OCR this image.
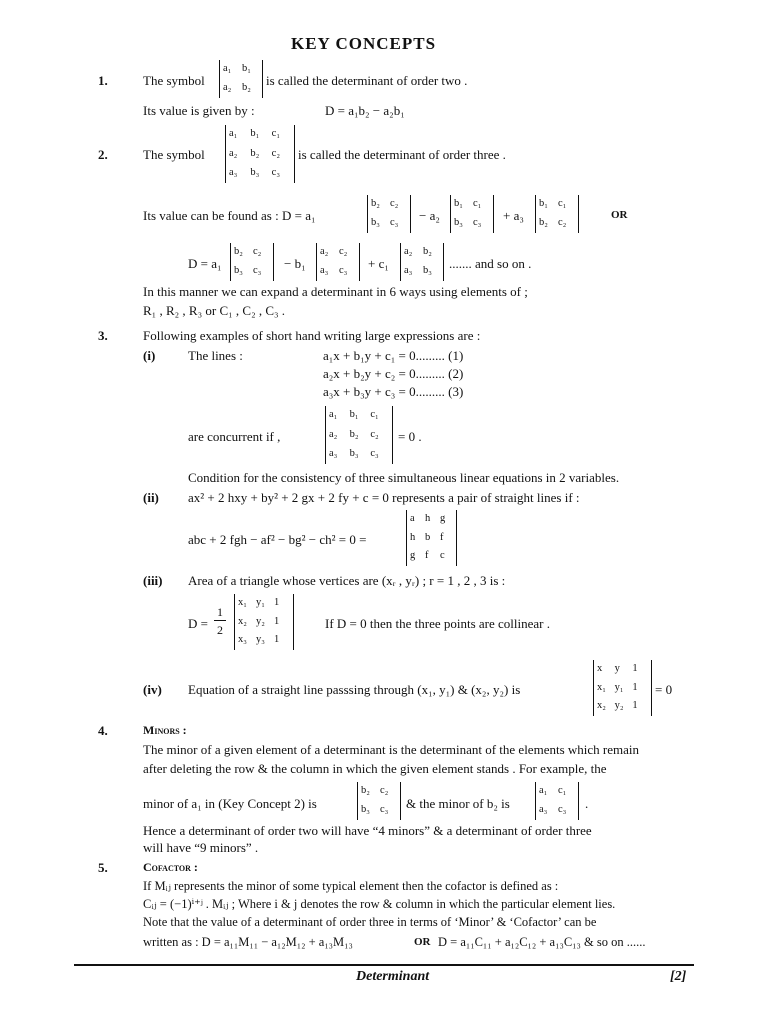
KEY CONCEPTS
1.	The symbol
a₁ b₁
a₂ b₂ is called the determinant of order two .
Its value is given by :	D = a₁b₂ − a₂b₁
2.	The symbol
a₁ b₁ c₁
a₂ b₂ c₂
a₃ b₃ c₃
is called the determinant of order three .
Its value can be found as : D = a₁
b₂ c₂
b₃ c₃ − a₂
b₁ c₁
b₃ c₃ + a₃
b₁ c₁
b₂ c₂
OR
D = a₁
b₂ c₂
b₃ c₃ − b₁
a₂ c₂
a₃ c₃ + c₁
a₂ b₂
a₃ b₃ ....... and so on .
In this manner we can expand a determinant in 6 ways using elements of ;
R₁ , R₂ , R₃ or C₁ , C₂ , C₃ .
3.	Following examples of short hand writing large expressions are :
(i)	The lines :	a₁x + b₁y + c₁ = 0......... (1)
a₂x + b₂y + c₂ = 0......... (2)
a₃x + b₃y + c₃ = 0......... (3)
are concurrent if ,
a₁ b₁ c₁
a₂ b₂ c₂
a₃ b₃ c₃
= 0 .
Condition for the consistency of three simultaneous linear equations in 2 variables.
(ii) ax² + 2 hxy + by² + 2 gx + 2 fy + c = 0 represents a pair of straight lines if :
abc + 2 fgh − af² − bg² − ch² = 0 =
a h g
h b f
g f c
(iii) Area of a triangle whose vertices are (xᵣ , yᵣ) ; r = 1 , 2 , 3 is :
D =
1
2
x₁ y₁ 1
x₂ y₂ 1
x₃ y₃ 1
If D = 0 then the three points are collinear .
(iv) Equation of a straight line passsing through (x₁, y₁) & (x₂, y₂) is
x y 1
x₁ y₁ 1
x₂ y₂ 1
= 0
4.	Minors :
The minor of a given element of a determinant is the determinant of the elements which remain
after deleting the row & the column in which the given element stands . For example, the
minor of a₁ in (Key Concept 2) is
b₂ c₂
b₃ c₃ & the minor of b₂ is
a₁ c₁
a₃ c₃ .
Hence a determinant of order two will have “4 minors” & a determinant of order three
will have “9 minors” .
5.	Cofactor :
If Mᵢⱼ represents the minor of some typical element then the cofactor is defined as :
Cᵢⱼ = (−1)ⁱ⁺ʲ . Mᵢⱼ ; Where i & j denotes the row & column in which the particular element lies.
Note that the value of a determinant of order three in terms of ‘Minor’ & ‘Cofactor’ can be
written as : D = a₁₁M₁₁ − a₁₂M₁₂ + a₁₃M₁₃	OR D = a₁₁C₁₁ + a₁₂C₁₂ + a₁₃C₁₃ & so on ......
Determinant	[2]
